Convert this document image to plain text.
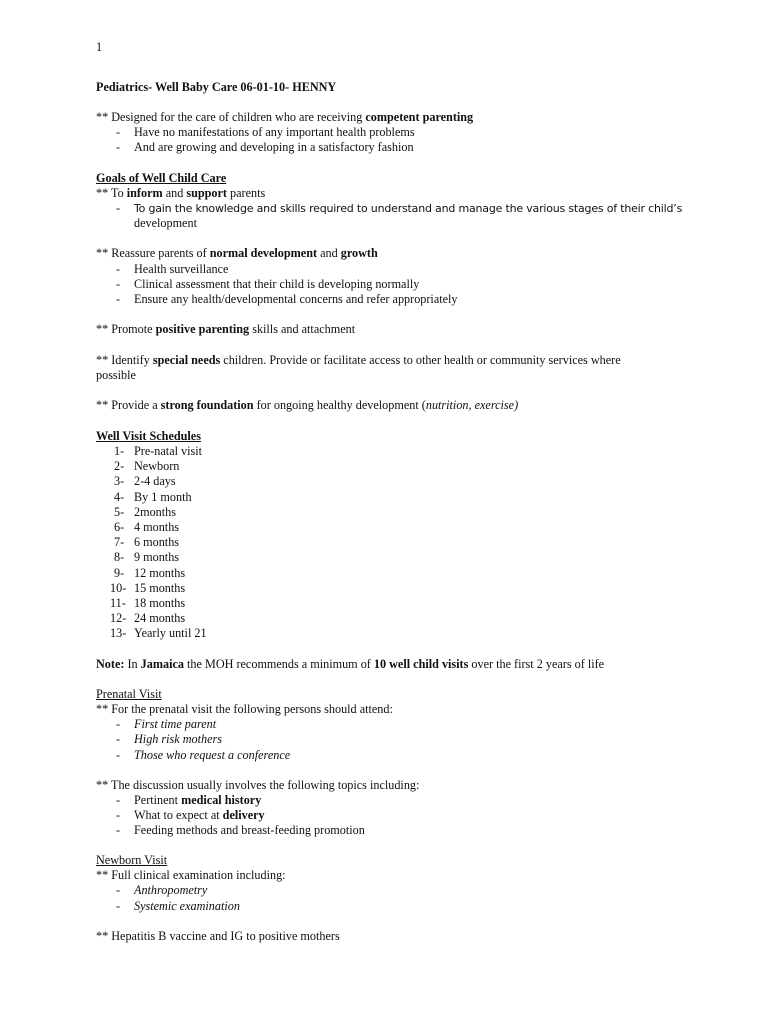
1
Pediatrics- Well Baby Care 06-01-10- HENNY
** Designed for the care of children who are receiving competent parenting
- Have no manifestations of any important health problems
- And are growing and developing in a satisfactory fashion
Goals of Well Child Care
** To inform and support parents
- To gain the knowledge and skills required to understand and manage the various stages of their child’s
development
** Reassure parents of normal development and growth
- Health surveillance
- Clinical assessment that their child is developing normally
- Ensure any health/developmental concerns and refer appropriately
** Promote positive parenting skills and attachment
** Identify special needs children. Provide or facilitate access to other health or community services where
possible
** Provide a strong foundation for ongoing healthy development (nutrition, exercise)
Well Visit Schedules
1- Pre-natal visit
2- Newborn
3- 2-4 days
4- By 1 month
5- 2months
6- 4 months
7- 6 months
8- 9 months
9- 12 months
10- 15 months
11- 18 months
12- 24 months
13- Yearly until 21
Note: In Jamaica the MOH recommends a minimum of 10 well child visits over the first 2 years of life
Prenatal Visit
** For the prenatal visit the following persons should attend:
- First time parent
- High risk mothers
- Those who request a conference
** The discussion usually involves the following topics including:
- Pertinent medical history
- What to expect at delivery
- Feeding methods and breast-feeding promotion
Newborn Visit
** Full clinical examination including:
- Anthropometry
- Systemic examination
** Hepatitis B vaccine and IG to positive mothers
